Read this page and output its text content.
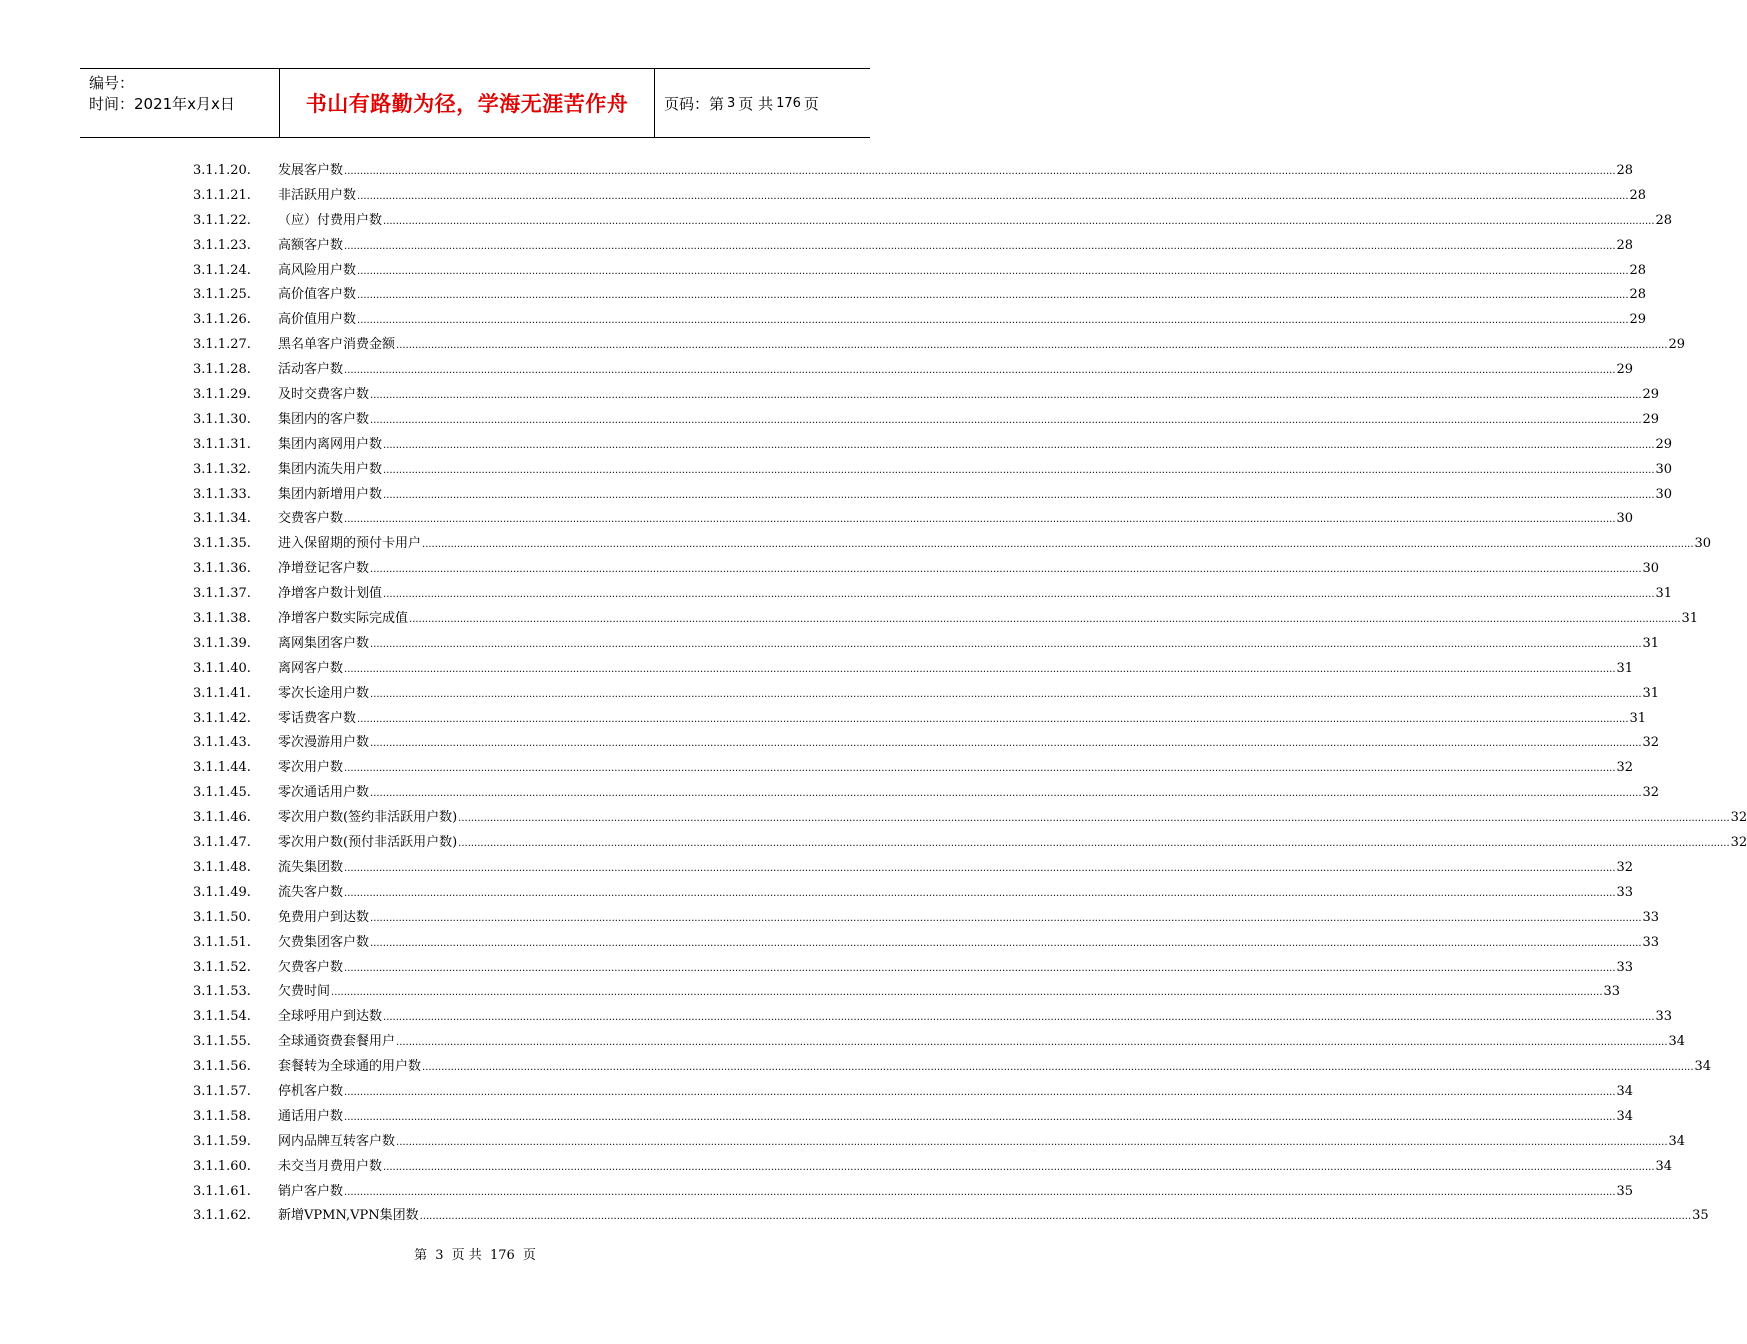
编号：
时间：2021年x月x日	书山有路勤为径，学海无涯苦作舟	页码：第 3 页 共 176 页
3.1.1.20. 发展客户数 ................................................................................................................................................................................................................................................................................................................................................................................................................ 28
3.1.1.21. 非活跃用户数 ................................................................................................................................................................................................................................................................................................................................................................................................................ 28
3.1.1.22. （应）付费用户数 ................................................................................................................................................................................................................................................................................................................................................................................................................ 28
3.1.1.23. 高额客户数 ................................................................................................................................................................................................................................................................................................................................................................................................................ 28
3.1.1.24. 高风险用户数 ................................................................................................................................................................................................................................................................................................................................................................................................................ 28
3.1.1.25. 高价值客户数 ................................................................................................................................................................................................................................................................................................................................................................................................................ 28
3.1.1.26. 高价值用户数 ................................................................................................................................................................................................................................................................................................................................................................................................................ 29
3.1.1.27. 黑名单客户消费金额 ................................................................................................................................................................................................................................................................................................................................................................................................................ 29
3.1.1.28. 活动客户数 ................................................................................................................................................................................................................................................................................................................................................................................................................ 29
3.1.1.29. 及时交费客户数 ................................................................................................................................................................................................................................................................................................................................................................................................................ 29
3.1.1.30. 集团内的客户数 ................................................................................................................................................................................................................................................................................................................................................................................................................ 29
3.1.1.31. 集团内离网用户数 ................................................................................................................................................................................................................................................................................................................................................................................................................ 29
3.1.1.32. 集团内流失用户数 ................................................................................................................................................................................................................................................................................................................................................................................................................ 30
3.1.1.33. 集团内新增用户数 ................................................................................................................................................................................................................................................................................................................................................................................................................ 30
3.1.1.34. 交费客户数 ................................................................................................................................................................................................................................................................................................................................................................................................................ 30
3.1.1.35. 进入保留期的预付卡用户 ................................................................................................................................................................................................................................................................................................................................................................................................................ 30
3.1.1.36. 净增登记客户数 ................................................................................................................................................................................................................................................................................................................................................................................................................ 30
3.1.1.37. 净增客户数计划值 ................................................................................................................................................................................................................................................................................................................................................................................................................ 31
3.1.1.38. 净增客户数实际完成值 ................................................................................................................................................................................................................................................................................................................................................................................................................ 31
3.1.1.39. 离网集团客户数 ................................................................................................................................................................................................................................................................................................................................................................................................................ 31
3.1.1.40. 离网客户数 ................................................................................................................................................................................................................................................................................................................................................................................................................ 31
3.1.1.41. 零次长途用户数 ................................................................................................................................................................................................................................................................................................................................................................................................................ 31
3.1.1.42. 零话费客户数 ................................................................................................................................................................................................................................................................................................................................................................................................................ 31
3.1.1.43. 零次漫游用户数 ................................................................................................................................................................................................................................................................................................................................................................................................................ 32
3.1.1.44. 零次用户数 ................................................................................................................................................................................................................................................................................................................................................................................................................ 32
3.1.1.45. 零次通话用户数 ................................................................................................................................................................................................................................................................................................................................................................................................................ 32
3.1.1.46. 零次用户数(签约非活跃用户数) ................................................................................................................................................................................................................................................................................................................................................................................................................ 32
3.1.1.47. 零次用户数(预付非活跃用户数) ................................................................................................................................................................................................................................................................................................................................................................................................................ 32
3.1.1.48. 流失集团数 ................................................................................................................................................................................................................................................................................................................................................................................................................ 32
3.1.1.49. 流失客户数 ................................................................................................................................................................................................................................................................................................................................................................................................................ 33
3.1.1.50. 免费用户到达数 ................................................................................................................................................................................................................................................................................................................................................................................................................ 33
3.1.1.51. 欠费集团客户数 ................................................................................................................................................................................................................................................................................................................................................................................................................ 33
3.1.1.52. 欠费客户数 ................................................................................................................................................................................................................................................................................................................................................................................................................ 33
3.1.1.53. 欠费时间 ................................................................................................................................................................................................................................................................................................................................................................................................................ 33
3.1.1.54. 全球呼用户到达数 ................................................................................................................................................................................................................................................................................................................................................................................................................ 33
3.1.1.55. 全球通资费套餐用户 ................................................................................................................................................................................................................................................................................................................................................................................................................ 34
3.1.1.56. 套餐转为全球通的用户数 ................................................................................................................................................................................................................................................................................................................................................................................................................ 34
3.1.1.57. 停机客户数 ................................................................................................................................................................................................................................................................................................................................................................................................................ 34
3.1.1.58. 通话用户数 ................................................................................................................................................................................................................................................................................................................................................................................................................ 34
3.1.1.59. 网内品牌互转客户数 ................................................................................................................................................................................................................................................................................................................................................................................................................ 34
3.1.1.60. 未交当月费用户数 ................................................................................................................................................................................................................................................................................................................................................................................................................ 34
3.1.1.61. 销户客户数 ................................................................................................................................................................................................................................................................................................................................................................................................................ 35
3.1.1.62. 新增VPMN,VPN集团数 ................................................................................................................................................................................................................................................................................................................................................................................................................ 35
第 3 页 共 176 页
